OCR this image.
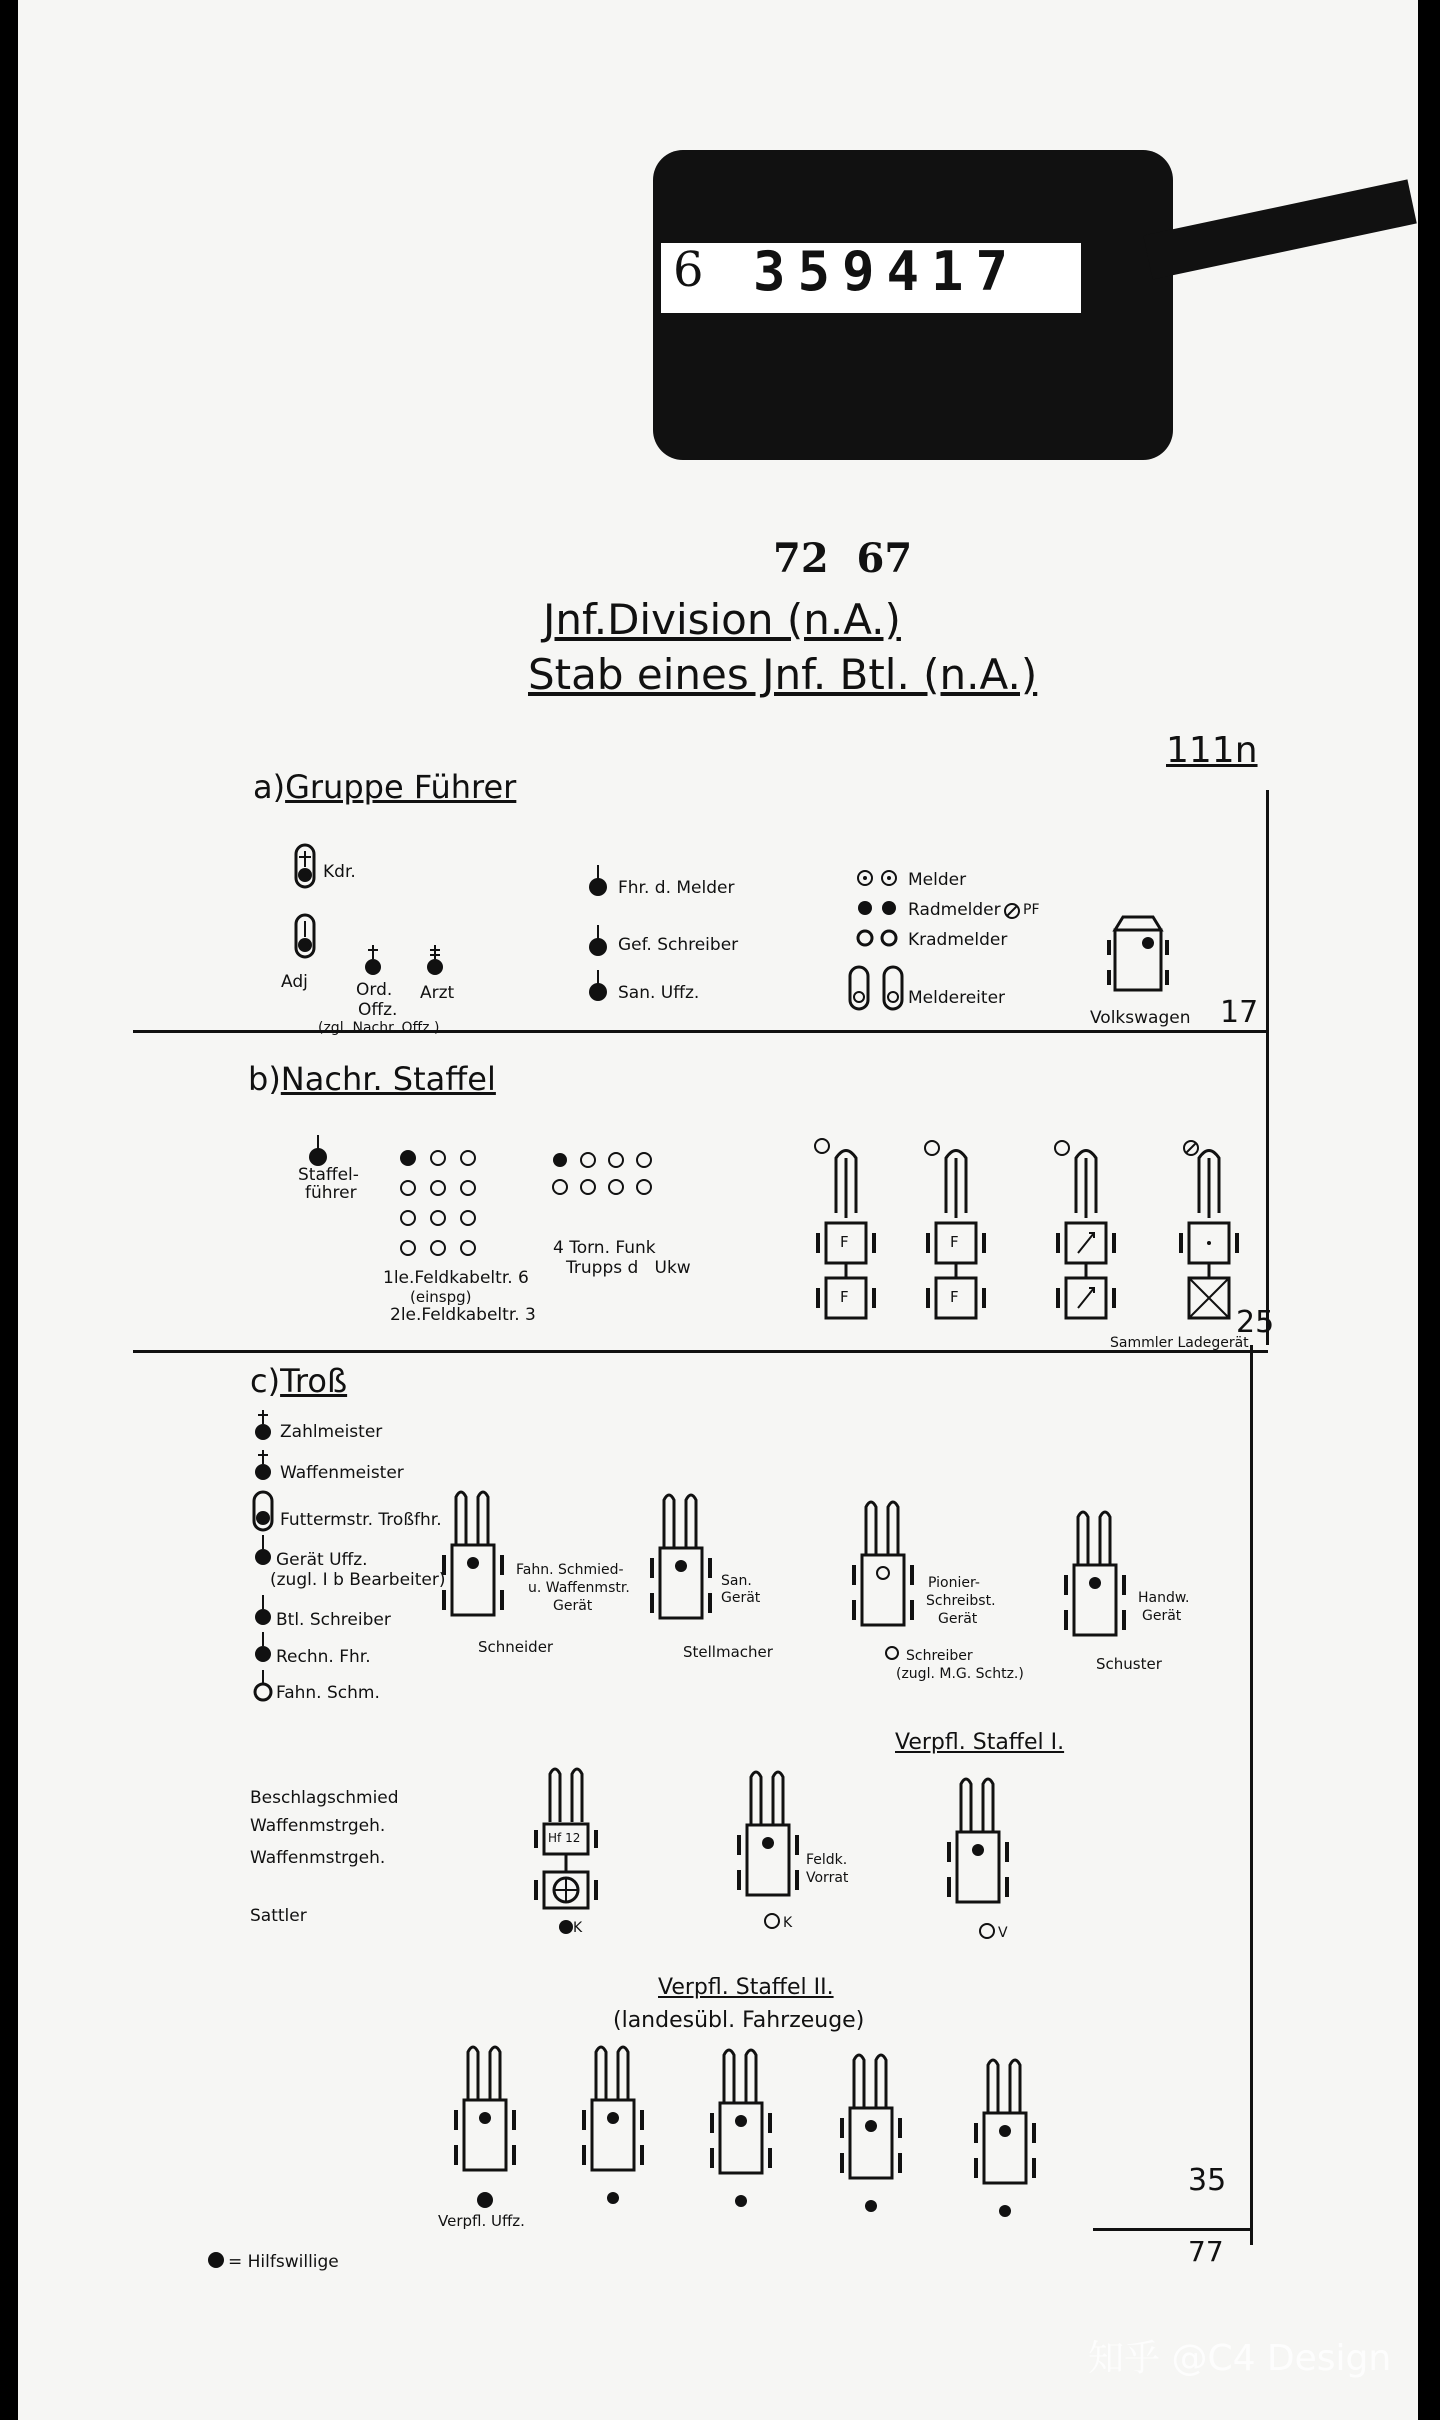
6 359417
72  67
Jnf.Division (n.A.)
Stab eines Jnf. Btl. (n.A.)
111n
a)Gruppe Führer
Kdr.
Adj	Ord.
Offz.
(zgl. Nachr. Offz.)
Arzt
Fhr. d. Melder
Gef. Schreiber
San. Uffz.
Melder
Radmelder PF
Kradmelder
Meldereiter
Volkswagen 17
b)Nachr. Staffel
Staffel-
führer
1le.Feldkabeltr. 6
(einspg)
2le.Feldkabeltr. 3
4 Torn. Funk
Trupps d   Ukw
F
F
F
F
25
Sammler Ladegerät
c)Troß
Zahlmeister
Waffenmeister
Futtermstr. Troßfhr.
Gerät Uffz.
(zugl. I b Bearbeiter)
Btl. Schreiber
Rechn. Fhr.
Fahn. Schm.
Fahn. Schmied-
u. Waffenmstr.
Gerät
Schneider
San.
Gerät
Stellmacher
Pionier-
Schreibst.
Gerät
Schreiber
(zugl. M.G. Schtz.)
Handw.
Gerät
Schuster
Verpfl. Staffel I.
Beschlagschmied
Waffenmstrgeh.
Waffenmstrgeh.
Sattler
Hf 12
K
Feldk.
Vorrat
K
V
Verpfl. Staffel II.
(landesübl. Fahrzeuge)
Verpfl. Uffz.
35
= Hilfswillige	77
知乎 @C4 Design
